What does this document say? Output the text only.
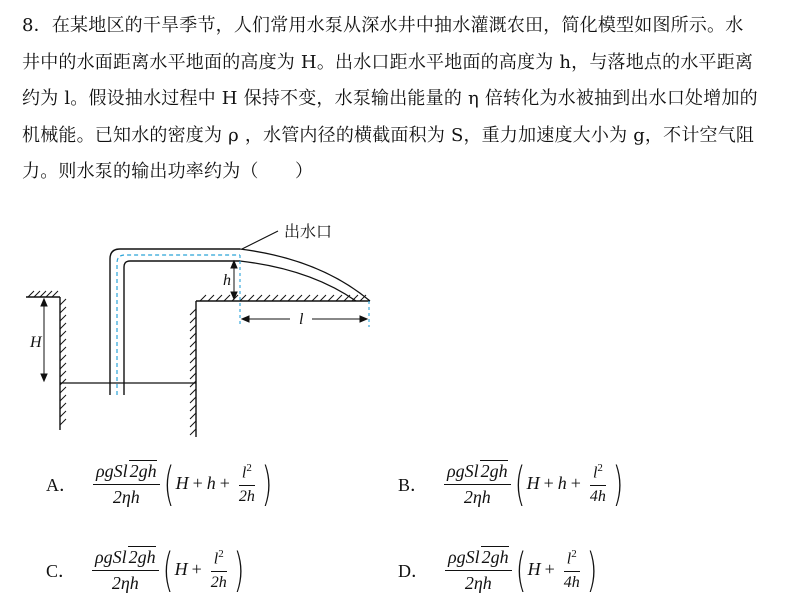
8．在某地区的干旱季节，人们常用水泵从深水井中抽水灌溉农田，简化模型如图所示。水
井中的水面距离水平地面的高度为 H。出水口距水平地面的高度为 h，与落地点的水平距离
约为 l。假设抽水过程中 H 保持不变，水泵输出能量的 η 倍转化为水被抽到出水口处增加的
机械能。已知水的密度为 ρ ，水管内径的横截面积为 S，重力加速度大小为 g，不计空气阻
力。则水泵的输出功率约为（　　）
出水口
h
l
H
A． $\frac{\text{ρgSl 2gh}}{2\eta h}$ ( $H + h + \frac{l^2}{2h}$ )	B． $\frac{\text{ρgSl 2gh}}{2\eta h}$ ( $H + h + \frac{l^2}{4h}$ )
C． $\frac{\text{ρgSl 2gh}}{2\eta h}$ ( $H + \frac{l^2}{2h}$ )	D． $\frac{\text{ρgSl 2gh}}{2\eta h}$ ( $H + \frac{l^2}{4h}$ )
